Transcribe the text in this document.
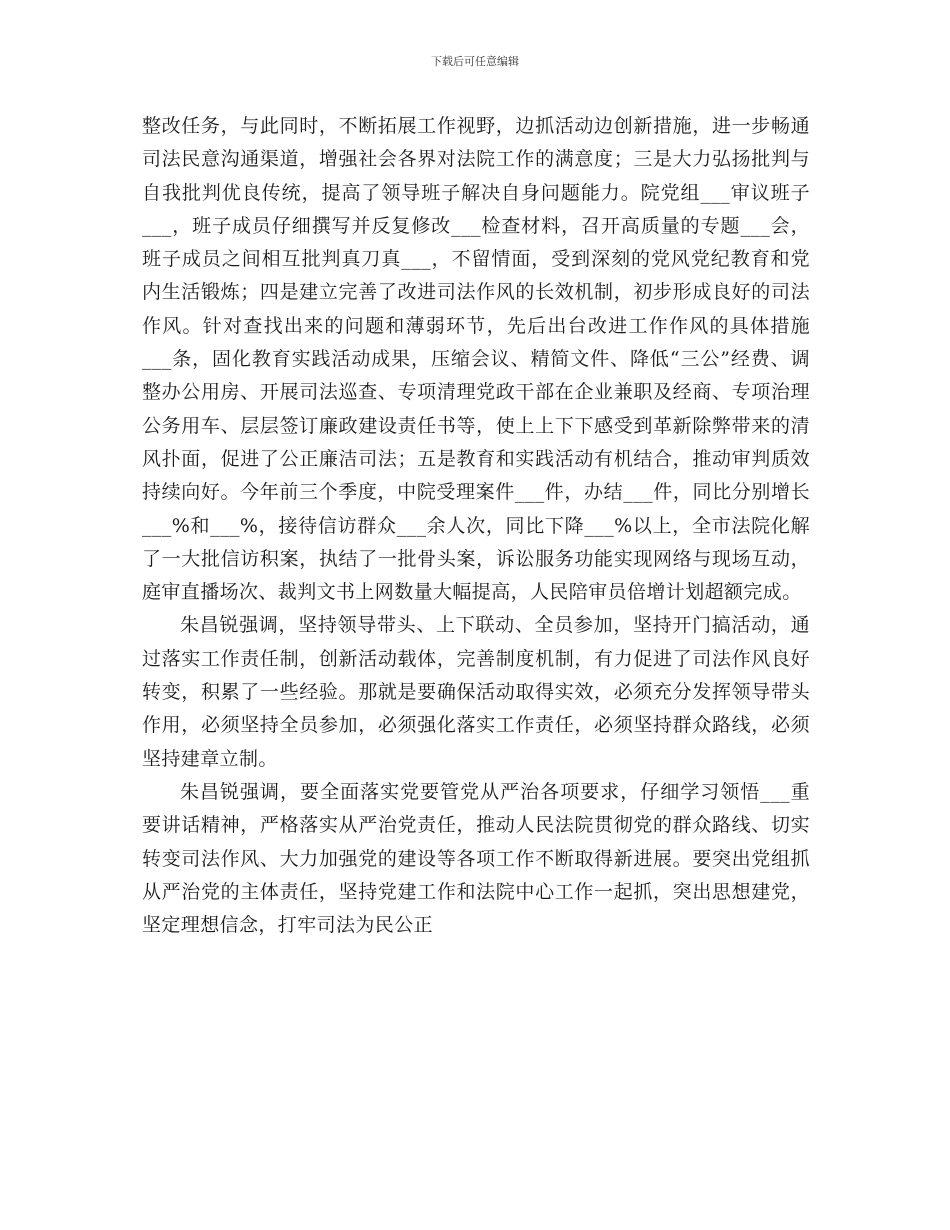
下载后可任意编辑

整改任务，与此同时，不断拓展工作视野，边抓活动边创新措施，进一步畅通司法民意沟通渠道，增强社会各界对法院工作的满意度；三是大力弘扬批判与自我批判优良传统，提高了领导班子解决自身问题能力。院党组___审议班子___，班子成员仔细撰写并反复修改___检查材料，召开高质量的专题___会，班子成员之间相互批判真刀真___，不留情面，受到深刻的党风党纪教育和党内生活锻炼；四是建立完善了改进司法作风的长效机制，初步形成良好的司法作风。针对查找出来的问题和薄弱环节，先后出台改进工作作风的具体措施___条，固化教育实践活动成果，压缩会议、精简文件、降低“三公”经费、调整办公用房、开展司法巡查、专项清理党政干部在企业兼职及经商、专项治理公务用车、层层签订廉政建设责任书等，使上上下下感受到革新除弊带来的清风扑面，促进了公正廉洁司法；五是教育和实践活动有机结合，推动审判质效持续向好。今年前三个季度，中院受理案件___件，办结___件，同比分别增长___%和___%，接待信访群众___余人次，同比下降___%以上，全市法院化解了一大批信访积案，执结了一批骨头案，诉讼服务功能实现网络与现场互动，庭审直播场次、裁判文书上网数量大幅提高，人民陪审员倍增计划超额完成。

朱昌锐强调，坚持领导带头、上下联动、全员参加，坚持开门搞活动，通过落实工作责任制，创新活动载体，完善制度机制，有力促进了司法作风良好转变，积累了一些经验。那就是要确保活动取得实效，必须充分发挥领导带头作用，必须坚持全员参加，必须强化落实工作责任，必须坚持群众路线，必须坚持建章立制。

朱昌锐强调，要全面落实党要管党从严治各项要求，仔细学习领悟___重要讲话精神，严格落实从严治党责任，推动人民法院贯彻党的群众路线、切实转变司法作风、大力加强党的建设等各项工作不断取得新进展。要突出党组抓从严治党的主体责任，坚持党建工作和法院中心工作一起抓，突出思想建党，坚定理想信念，打牢司法为民公正
